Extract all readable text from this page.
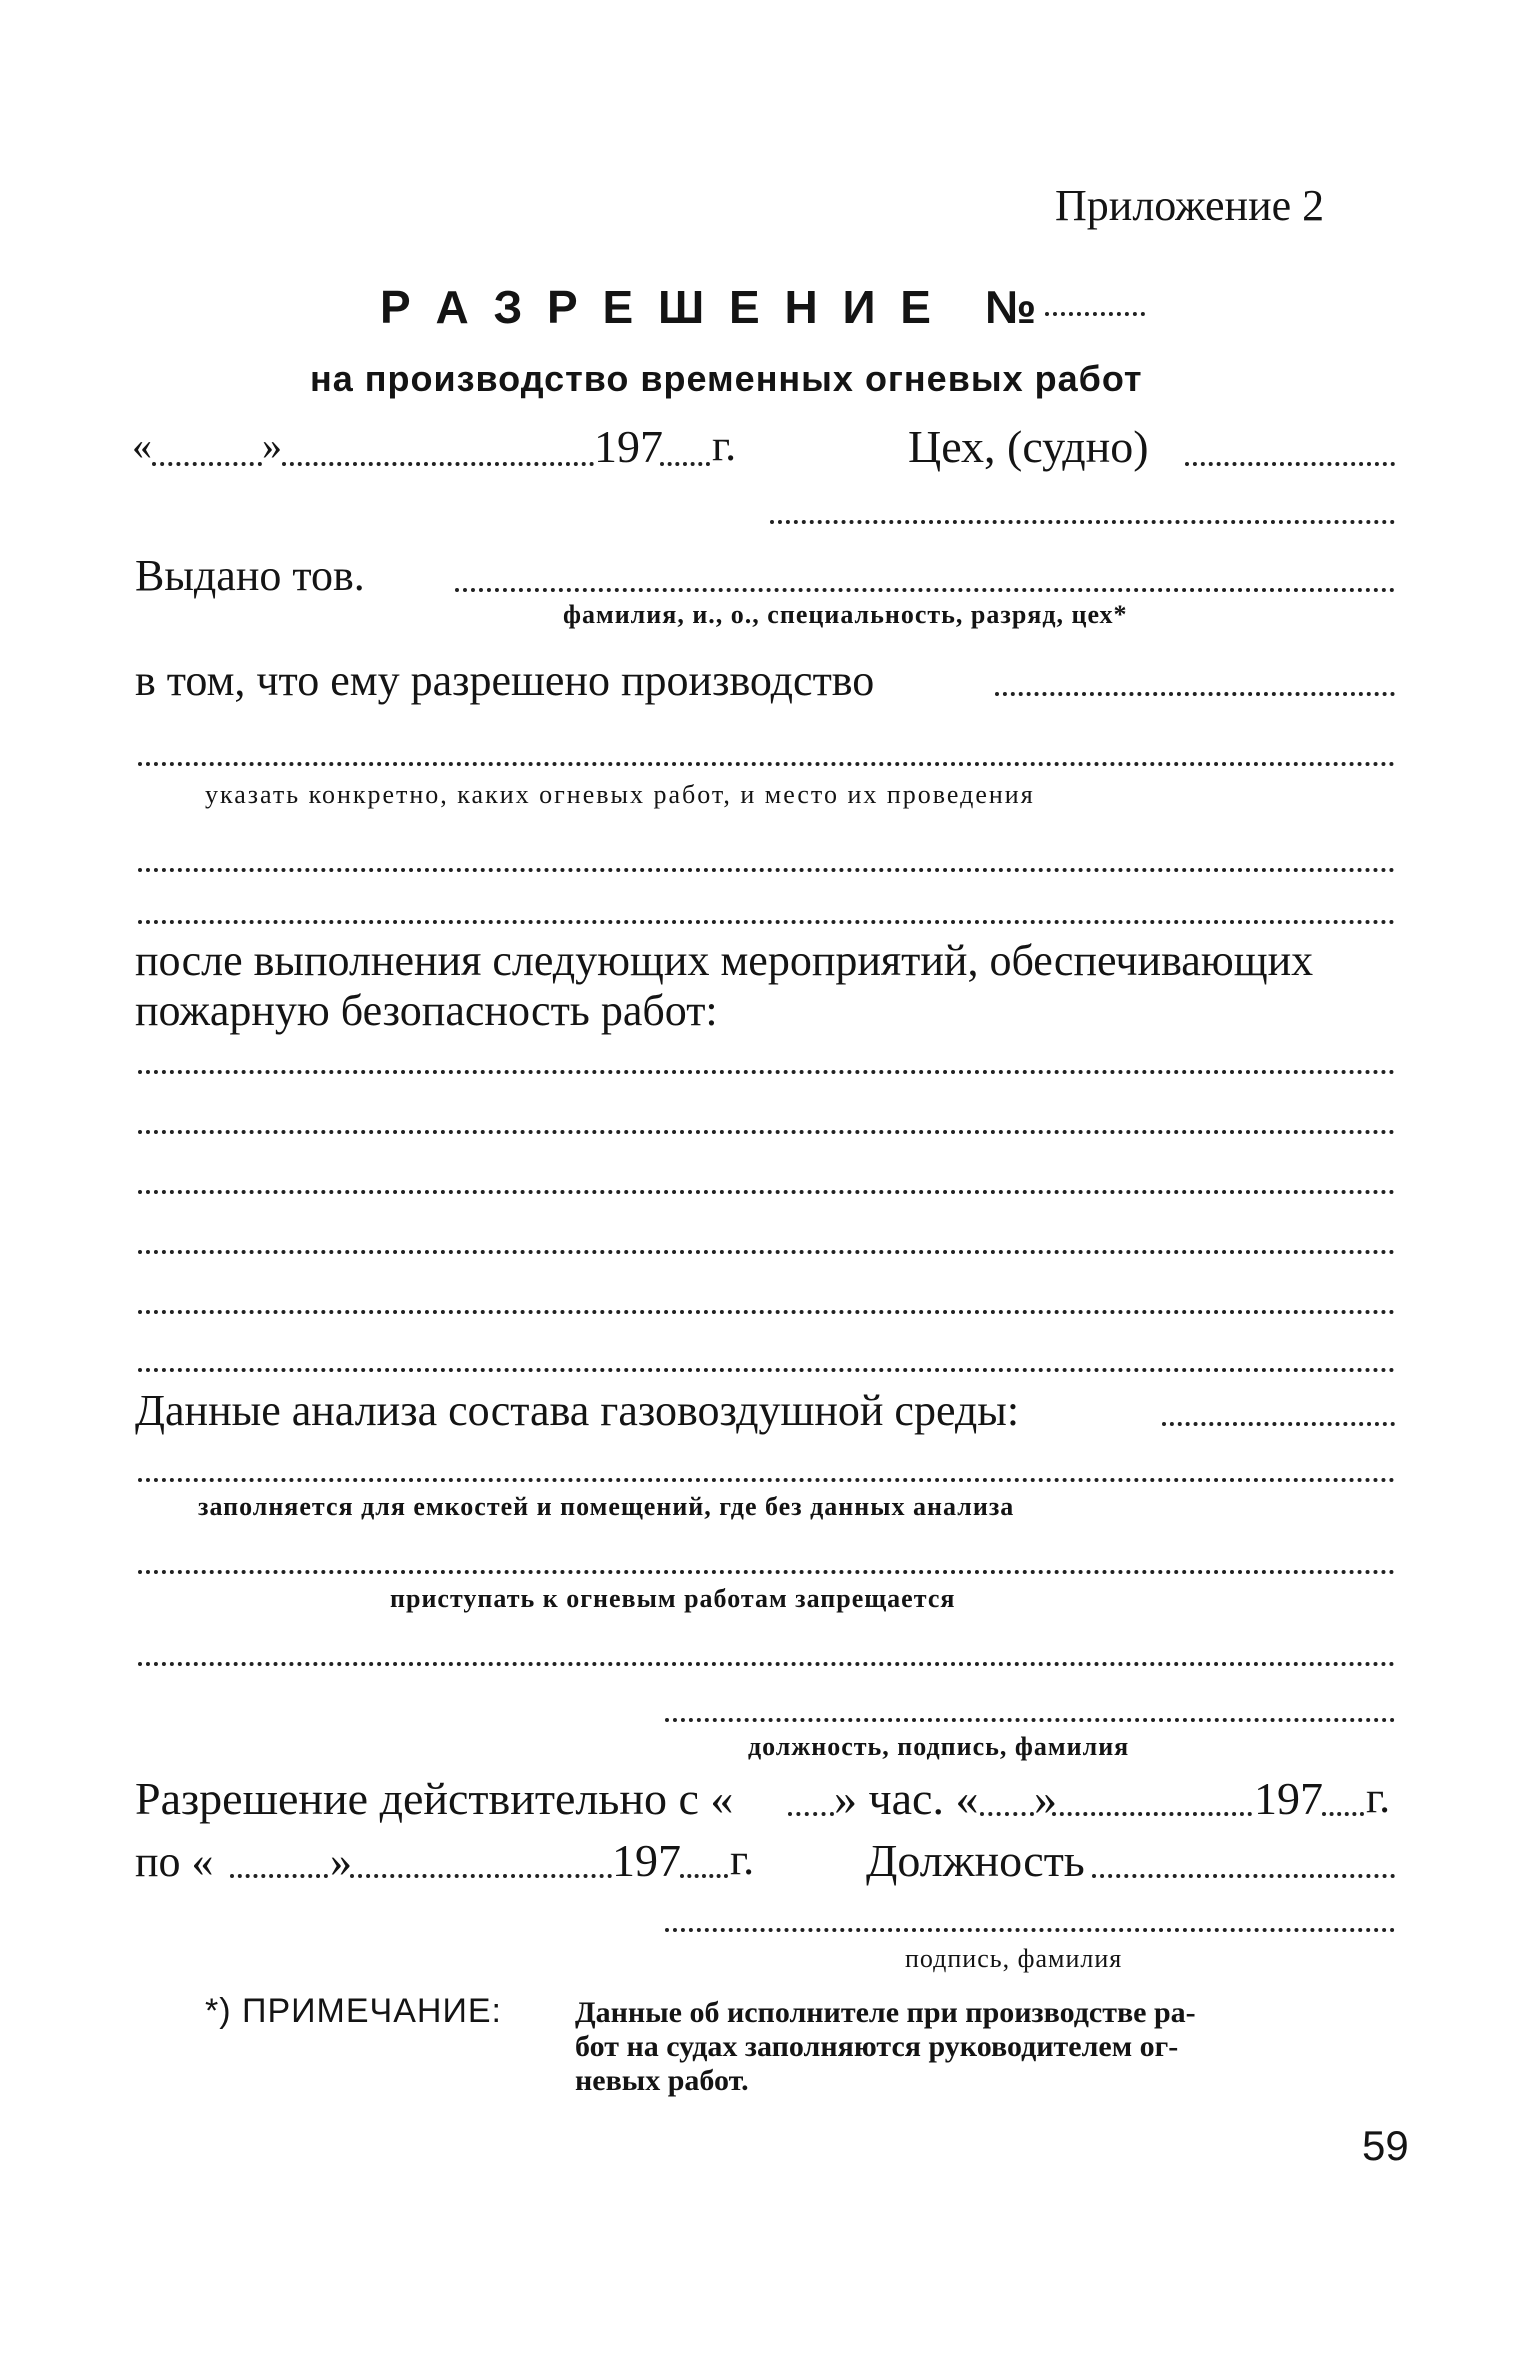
Приложение 2
Р А З Р Е Ш Е Н И Е №
на производство временных огневых работ
«	»	197 г.	Цех, (судно)
Выдано тов.
фамилия, и., о., специальность, разряд, цех*
в том, что ему разрешено производство
указать конкретно, каких огневых работ, и место их проведения
после выполнения следующих мероприятий, обеспечивающих
пожарную безопасность работ:
Данные анализа состава газовоздушной среды:
заполняется для емкостей и помещений, где без данных анализа
приступать к огневым работам запрещается
должность, подпись, фамилия
Разрешение действительно с « » час. « »	197 г.
по «	»	197 г. Должность
подпись, фамилия
*) ПРИМЕЧАНИЕ: Данные об исполнителе при производстве ра-
бот на судах заполняются руководителем ог-
невых работ.
59
